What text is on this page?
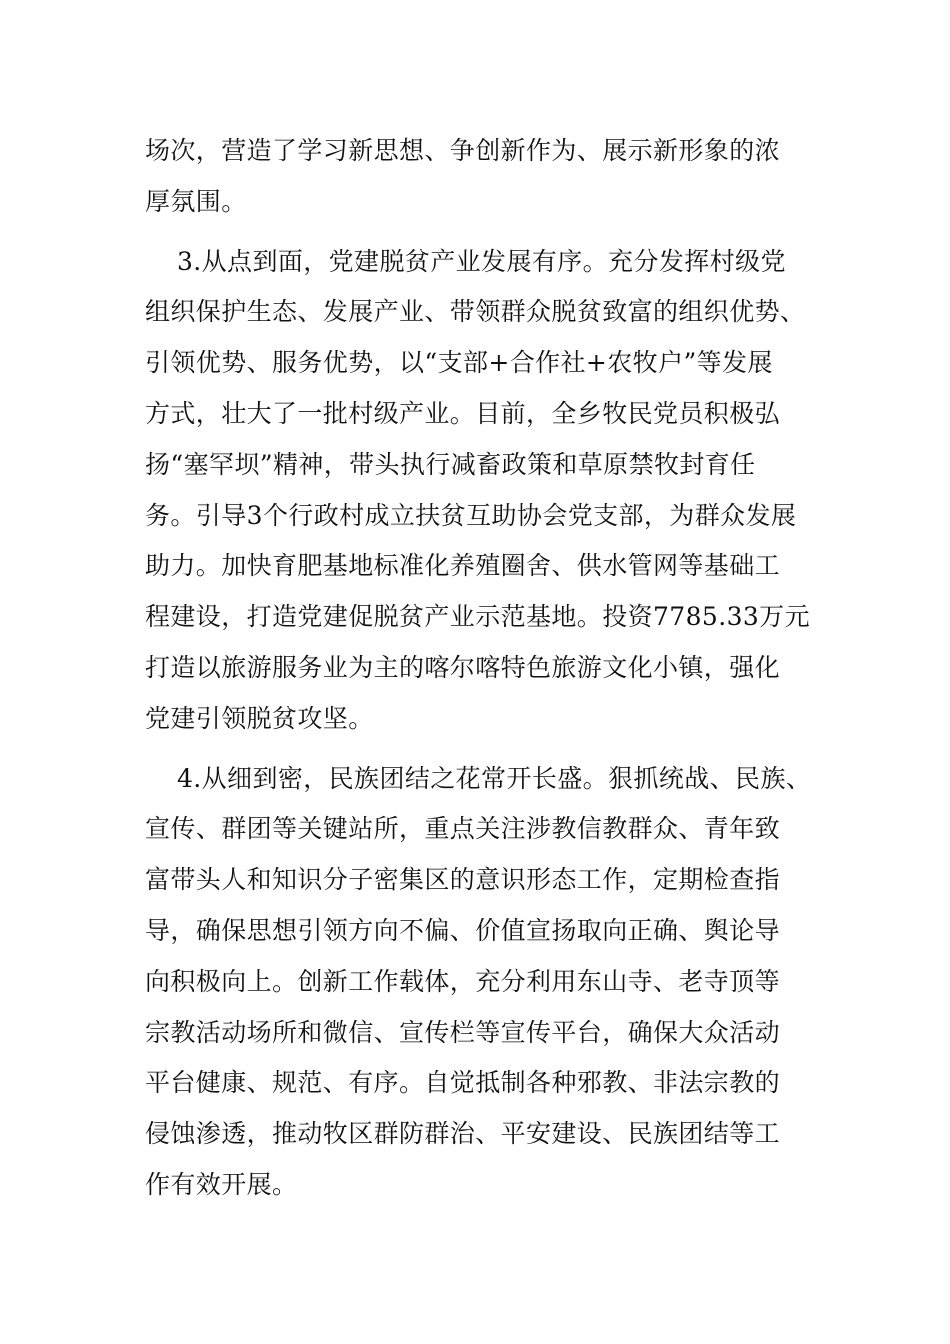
场次，营造了学习新思想、争创新作为、展示新形象的浓
厚氛围。
3.从点到面，党建脱贫产业发展有序。充分发挥村级党
组织保护生态、发展产业、带领群众脱贫致富的组织优势、
引领优势、服务优势，以“支部+合作社+农牧户”等发展
方式，壮大了一批村级产业。目前，全乡牧民党员积极弘
扬“塞罕坝”精神，带头执行减畜政策和草原禁牧封育任
务。引导3个行政村成立扶贫互助协会党支部，为群众发展
助力。加快育肥基地标准化养殖圈舍、供水管网等基础工
程建设，打造党建促脱贫产业示范基地。投资7785.33万元
打造以旅游服务业为主的喀尔喀特色旅游文化小镇，强化
党建引领脱贫攻坚。
4.从细到密，民族团结之花常开长盛。狠抓统战、民族、
宣传、群团等关键站所，重点关注涉教信教群众、青年致
富带头人和知识分子密集区的意识形态工作，定期检查指
导，确保思想引领方向不偏、价值宣扬取向正确、舆论导
向积极向上。创新工作载体，充分利用东山寺、老寺顶等
宗教活动场所和微信、宣传栏等宣传平台，确保大众活动
平台健康、规范、有序。自觉抵制各种邪教、非法宗教的
侵蚀渗透，推动牧区群防群治、平安建设、民族团结等工
作有效开展。
